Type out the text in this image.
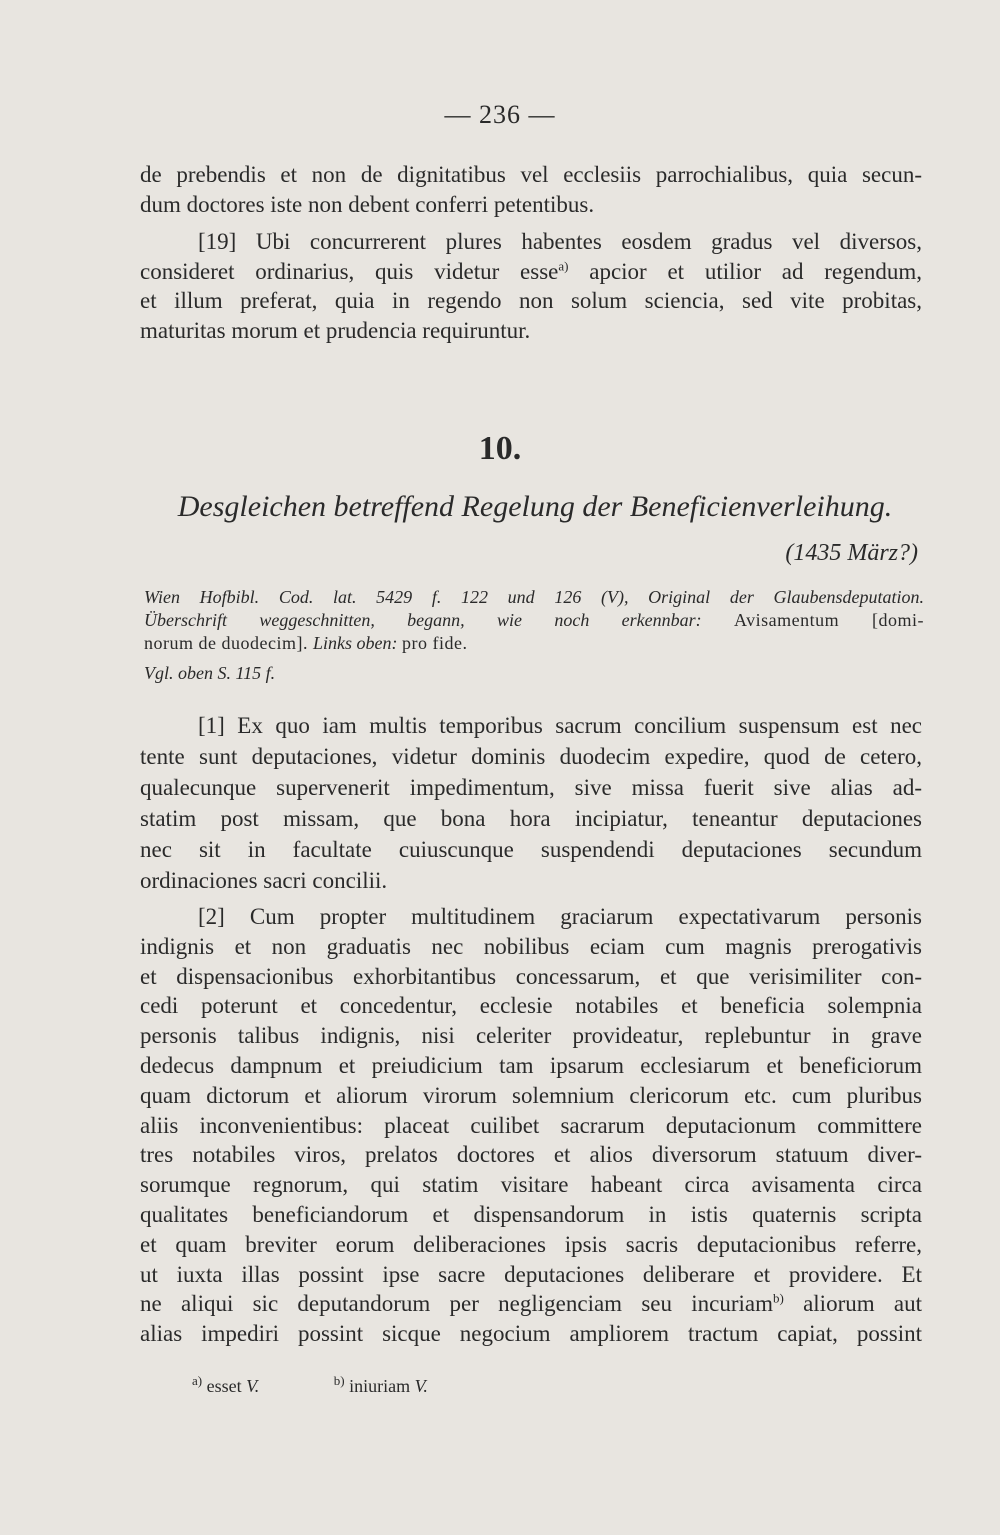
— 236 —
de prebendis et non de dignitatibus vel ecclesiis parrochialibus, quia secun-
dum doctores iste non debent conferri petentibus.
[19] Ubi concurrerent plures habentes eosdem gradus vel diversos,
consideret ordinarius, quis videtur esse$^{a)}$ apcior et utilior ad regendum,
et illum preferat, quia in regendo non solum sciencia, sed vite probitas,
maturitas morum et prudencia requiruntur.
10.
Desgleichen betreffend Regelung der Beneficienverleihung.
(1435 März?)
Wien Hofbibl. Cod. lat. 5429 f. 122 und 126 (V), Original der Glaubensdeputation.
Überschrift weggeschnitten, begann, wie noch erkennbar: Avisamentum [domi-
norum de duodecim]. Links oben: pro fide.
Vgl. oben S. 115 f.
[1] Ex quo iam multis temporibus sacrum concilium suspensum est nec
tente sunt deputaciones, videtur dominis duodecim expedire, quod de cetero,
qualecunque supervenerit impedimentum, sive missa fuerit sive alias ad-
statim post missam, que bona hora incipiatur, teneantur deputaciones
nec sit in facultate cuiuscunque suspendendi deputaciones secundum
ordinaciones sacri concilii.
[2] Cum propter multitudinem graciarum expectativarum personis
indignis et non graduatis nec nobilibus eciam cum magnis prerogativis
et dispensacionibus exhorbitantibus concessarum, et que verisimiliter con-
cedi poterunt et concedentur, ecclesie notabiles et beneficia solempnia
personis talibus indignis, nisi celeriter provideatur, replebuntur in grave
dedecus dampnum et preiudicium tam ipsarum ecclesiarum et beneficiorum
quam dictorum et aliorum virorum solemnium clericorum etc. cum pluribus
aliis inconvenientibus: placeat cuilibet sacrarum deputacionum committere
tres notabiles viros, prelatos doctores et alios diversorum statuum diver-
sorumque regnorum, qui statim visitare habeant circa avisamenta circa
qualitates beneficiandorum et dispensandorum in istis quaternis scripta
et quam breviter eorum deliberaciones ipsis sacris deputacionibus referre,
ut iuxta illas possint ipse sacre deputaciones deliberare et providere. Et
ne aliqui sic deputandorum per negligenciam seu incuriam$^{b)}$ aliorum aut
alias impediri possint sicque negocium ampliorem tractum capiat, possint
$^{a)}$ esset V.	$^{b)}$ iniuriam V.
